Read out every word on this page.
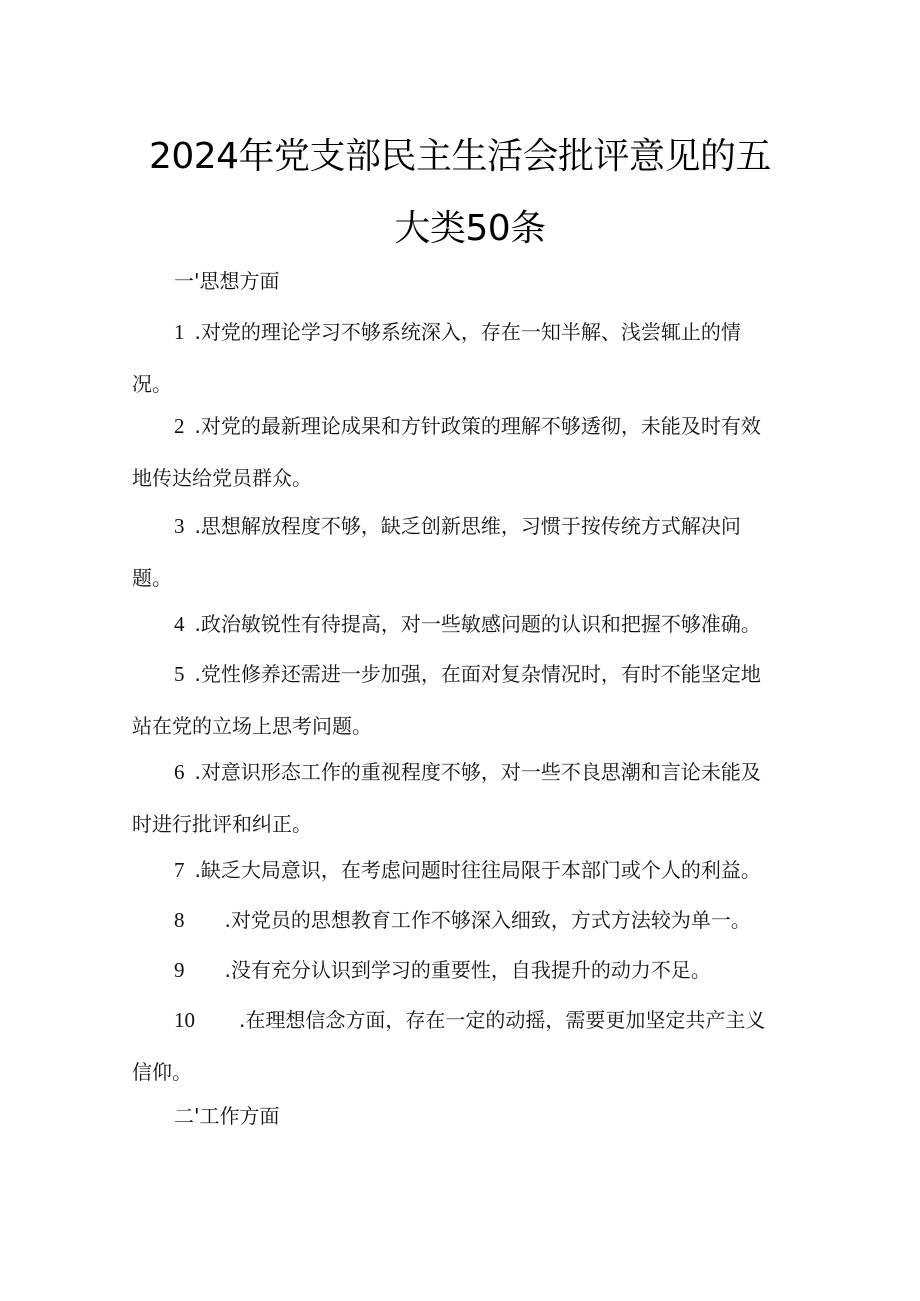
2024年党支部民主生活会批评意见的五
大类50条
一'思想方面
1 .对党的理论学习不够系统深入，存在一知半解、浅尝辄止的情
况。
2 .对党的最新理论成果和方针政策的理解不够透彻，未能及时有效
地传达给党员群众。
3 .思想解放程度不够，缺乏创新思维，习惯于按传统方式解决问
题。
4 .政治敏锐性有待提高，对一些敏感问题的认识和把握不够准确。
5 .党性修养还需进一步加强，在面对复杂情况时，有时不能坚定地
站在党的立场上思考问题。
6 .对意识形态工作的重视程度不够，对一些不良思潮和言论未能及
时进行批评和纠正。
7 .缺乏大局意识，在考虑问题时往往局限于本部门或个人的利益。
8 .对党员的思想教育工作不够深入细致，方式方法较为单一。
9 .没有充分认识到学习的重要性，自我提升的动力不足。
10 .在理想信念方面，存在一定的动摇，需要更加坚定共产主义
信仰。
二'工作方面
